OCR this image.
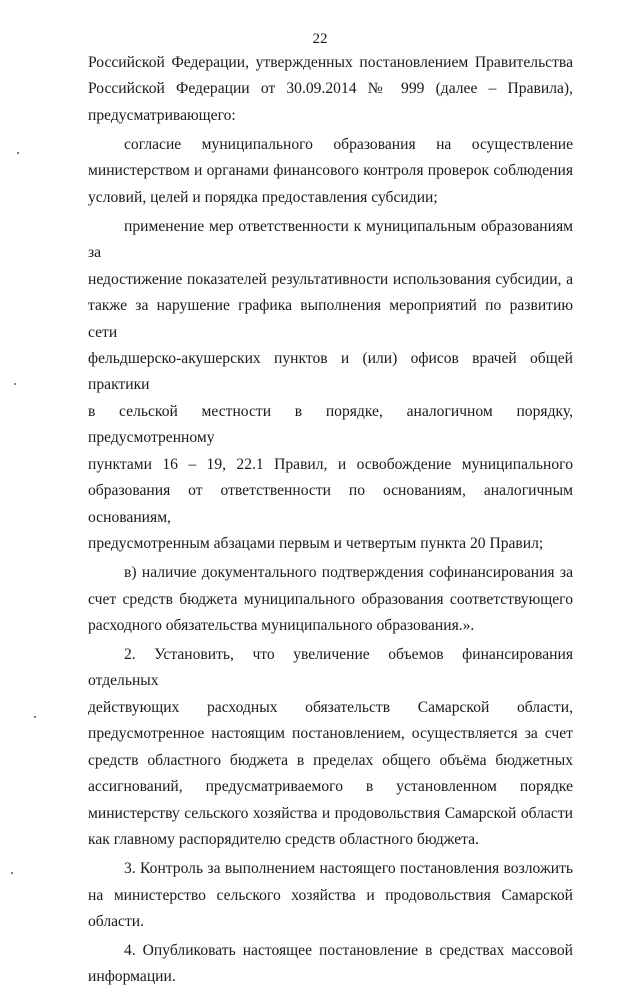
22

Российской Федерации, утвержденных постановлением Правительства
Российской Федерации от 30.09.2014 № 999 (далее – Правила),
предусматривающего:

согласие муниципального образования на осуществление
министерством и органами финансового контроля проверок соблюдения
условий, целей и порядка предоставления субсидии;

применение мер ответственности к муниципальным образованиям за
недостижение показателей результативности использования субсидии, а
также за нарушение графика выполнения мероприятий по развитию сети
фельдшерско-акушерских пунктов и (или) офисов врачей общей практики
в сельской местности в порядке, аналогичном порядку, предусмотренному
пунктами 16 – 19, 22.1 Правил, и освобождение муниципального
образования от ответственности по основаниям, аналогичным основаниям,
предусмотренным абзацами первым и четвертым пункта 20 Правил;

в) наличие документального подтверждения софинансирования за
счет средств бюджета муниципального образования соответствующего
расходного обязательства муниципального образования.».

2. Установить, что увеличение объемов финансирования отдельных
действующих расходных обязательств Самарской области,
предусмотренное настоящим постановлением, осуществляется за счет
средств областного бюджета в пределах общего объёма бюджетных
ассигнований, предусматриваемого в установленном порядке
министерству сельского хозяйства и продовольствия Самарской области
как главному распорядителю средств областного бюджета.

3. Контроль за выполнением настоящего постановления возложить
на министерство сельского хозяйства и продовольствия Самарской
области.

4. Опубликовать настоящее постановление в средствах массовой
информации.
